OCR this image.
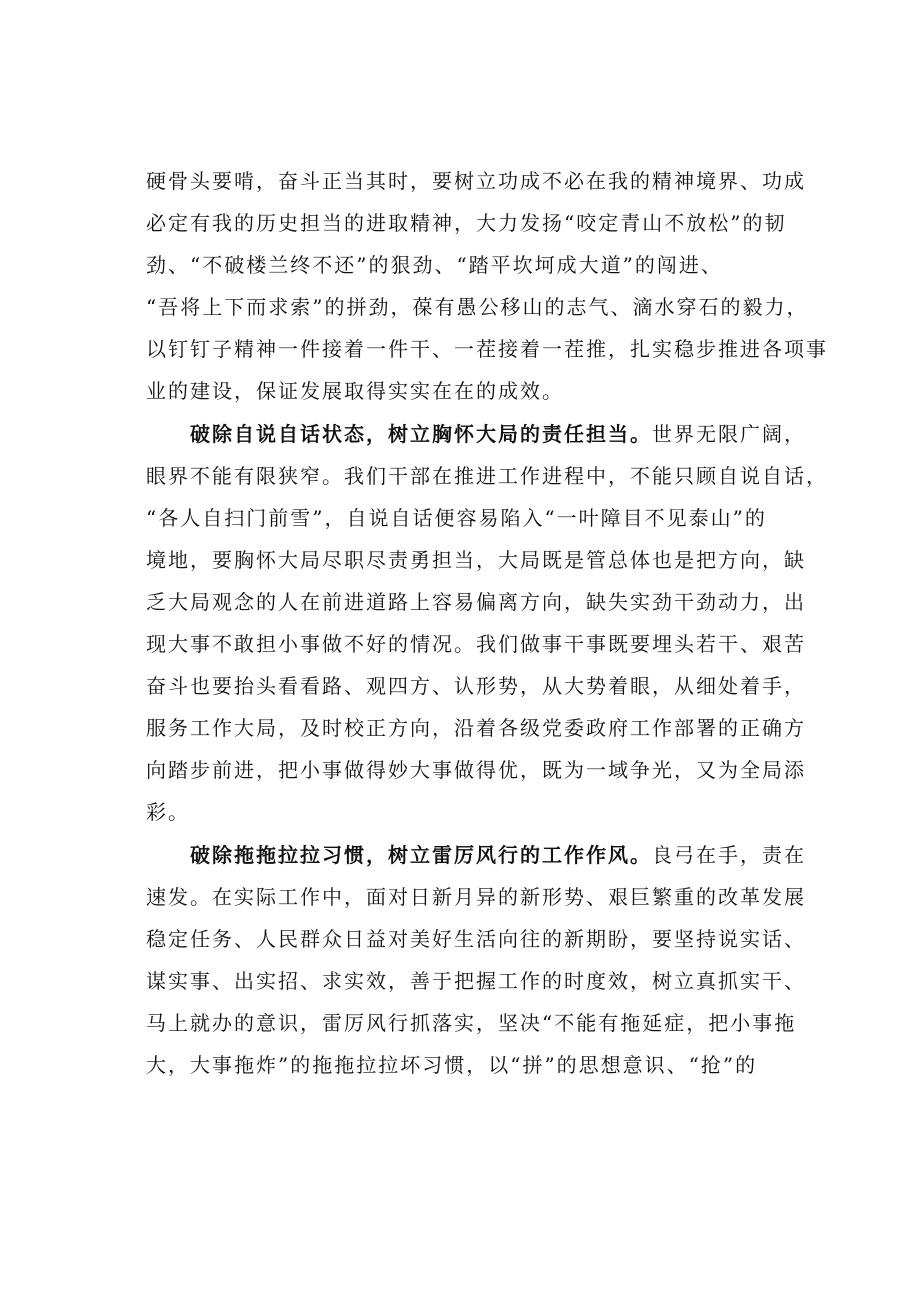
硬骨头要啃，奋斗正当其时，要树立功成不必在我的精神境界、功成
必定有我的历史担当的进取精神，大力发扬“咬定青山不放松”的韧
劲、“不破楼兰终不还”的狠劲、“踏平坎坷成大道”的闯进、
“吾将上下而求索”的拼劲，葆有愚公移山的志气、滴水穿石的毅力，
以钉钉子精神一件接着一件干、一茬接着一茬推，扎实稳步推进各项事
业的建设，保证发展取得实实在在的成效。
破除自说自话状态，树立胸怀大局的责任担当。世界无限广阔，
眼界不能有限狭窄。我们干部在推进工作进程中，不能只顾自说自话，
“各人自扫门前雪”，自说自话便容易陷入“一叶障目不见泰山”的
境地，要胸怀大局尽职尽责勇担当，大局既是管总体也是把方向，缺
乏大局观念的人在前进道路上容易偏离方向，缺失实劲干劲动力，出
现大事不敢担小事做不好的情况。我们做事干事既要埋头若干、艰苦
奋斗也要抬头看看路、观四方、认形势，从大势着眼，从细处着手，
服务工作大局，及时校正方向，沿着各级党委政府工作部署的正确方
向踏步前进，把小事做得妙大事做得优，既为一域争光，又为全局添
彩。
破除拖拖拉拉习惯，树立雷厉风行的工作作风。良弓在手，责在
速发。在实际工作中，面对日新月异的新形势、艰巨繁重的改革发展
稳定任务、人民群众日益对美好生活向往的新期盼，要坚持说实话、
谋实事、出实招、求实效，善于把握工作的时度效，树立真抓实干、
马上就办的意识，雷厉风行抓落实，坚决“不能有拖延症，把小事拖
大，大事拖炸”的拖拖拉拉坏习惯，以“拼”的思想意识、“抢”的
